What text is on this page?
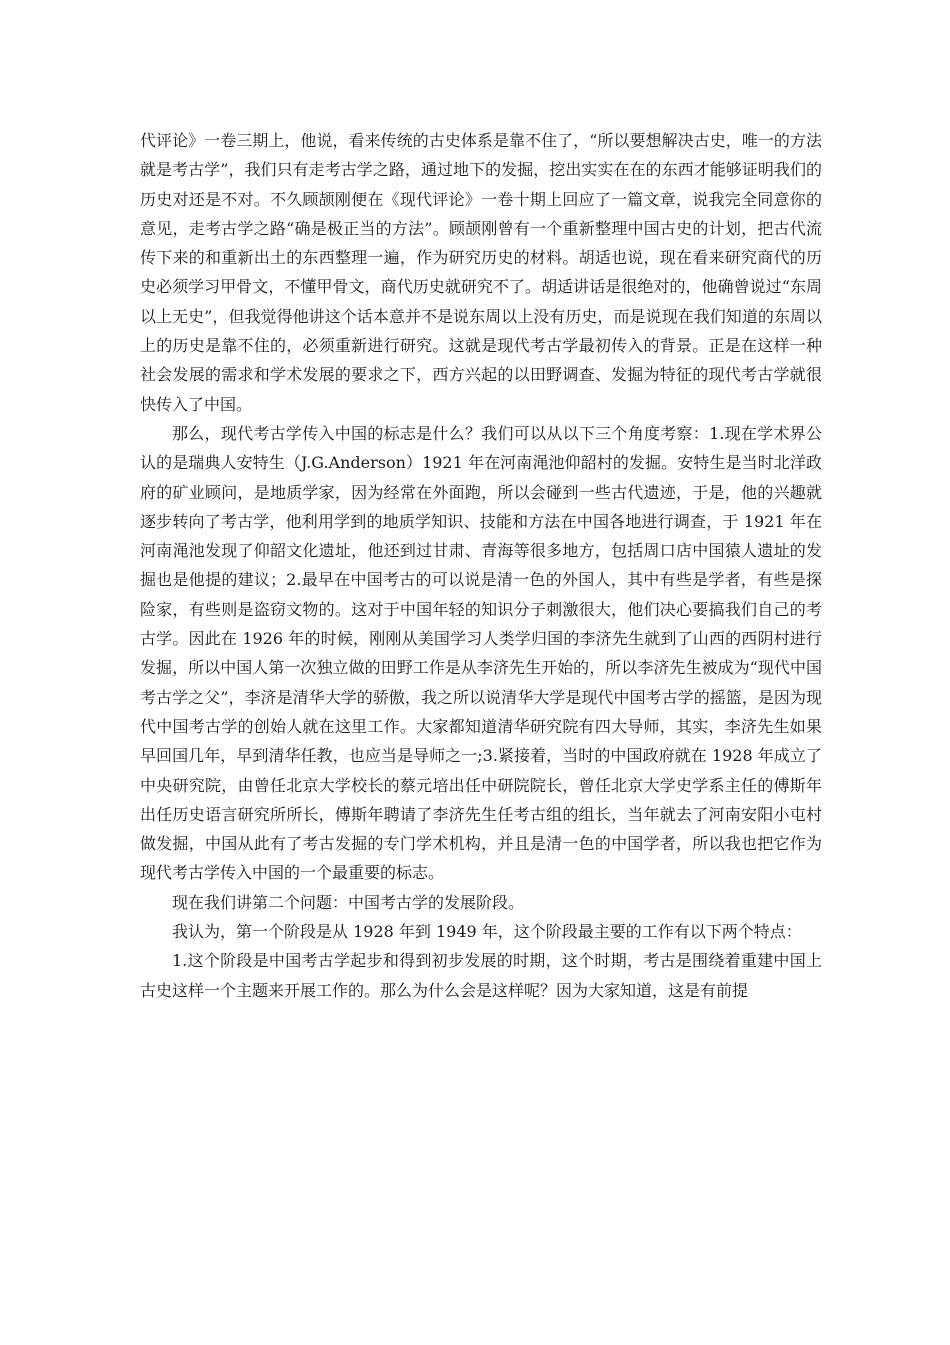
代评论》一卷三期上，他说，看来传统的古史体系是靠不住了，“所以要想解决古史，唯一的方法就是考古学”，我们只有走考古学之路，通过地下的发掘，挖出实实在在的东西才能够证明我们的历史对还是不对。不久顾颉刚便在《现代评论》一卷十期上回应了一篇文章，说我完全同意你的意见，走考古学之路“确是极正当的方法”。顾颉刚曾有一个重新整理中国古史的计划，把古代流传下来的和重新出土的东西整理一遍，作为研究历史的材料。胡适也说，现在看来研究商代的历史必须学习甲骨文，不懂甲骨文，商代历史就研究不了。胡适讲话是很绝对的，他确曾说过“东周以上无史”，但我觉得他讲这个话本意并不是说东周以上没有历史，而是说现在我们知道的东周以上的历史是靠不住的，必须重新进行研究。这就是现代考古学最初传入的背景。正是在这样一种社会发展的需求和学术发展的要求之下，西方兴起的以田野调查、发掘为特征的现代考古学就很快传入了中国。

那么，现代考古学传入中国的标志是什么？我们可以从以下三个角度考察：1.现在学术界公认的是瑞典人安特生（J.G.Anderson）1921 年在河南渑池仰韶村的发掘。安特生是当时北洋政府的矿业顾问，是地质学家，因为经常在外面跑，所以会碰到一些古代遗迹，于是，他的兴趣就逐步转向了考古学，他利用学到的地质学知识、技能和方法在中国各地进行调查，于 1921 年在河南渑池发现了仰韶文化遗址，他还到过甘肃、青海等很多地方，包括周口店中国猿人遗址的发掘也是他提的建议；2.最早在中国考古的可以说是清一色的外国人，其中有些是学者，有些是探险家，有些则是盗窃文物的。这对于中国年轻的知识分子刺激很大，他们决心要搞我们自己的考古学。因此在 1926 年的时候，刚刚从美国学习人类学归国的李济先生就到了山西的西阴村进行发掘，所以中国人第一次独立做的田野工作是从李济先生开始的，所以李济先生被成为“现代中国考古学之父”，李济是清华大学的骄傲，我之所以说清华大学是现代中国考古学的摇篮，是因为现代中国考古学的创始人就在这里工作。大家都知道清华研究院有四大导师，其实，李济先生如果早回国几年，早到清华任教，也应当是导师之一;3.紧接着，当时的中国政府就在 1928 年成立了中央研究院，由曾任北京大学校长的蔡元培出任中研院院长，曾任北京大学史学系主任的傅斯年出任历史语言研究所所长，傅斯年聘请了李济先生任考古组的组长，当年就去了河南安阳小屯村做发掘，中国从此有了考古发掘的专门学术机构，并且是清一色的中国学者，所以我也把它作为现代考古学传入中国的一个最重要的标志。

现在我们讲第二个问题：中国考古学的发展阶段。

我认为，第一个阶段是从 1928 年到 1949 年，这个阶段最主要的工作有以下两个特点：

1.这个阶段是中国考古学起步和得到初步发展的时期，这个时期，考古是围绕着重建中国上古史这样一个主题来开展工作的。那么为什么会是这样呢？因为大家知道，这是有前提
